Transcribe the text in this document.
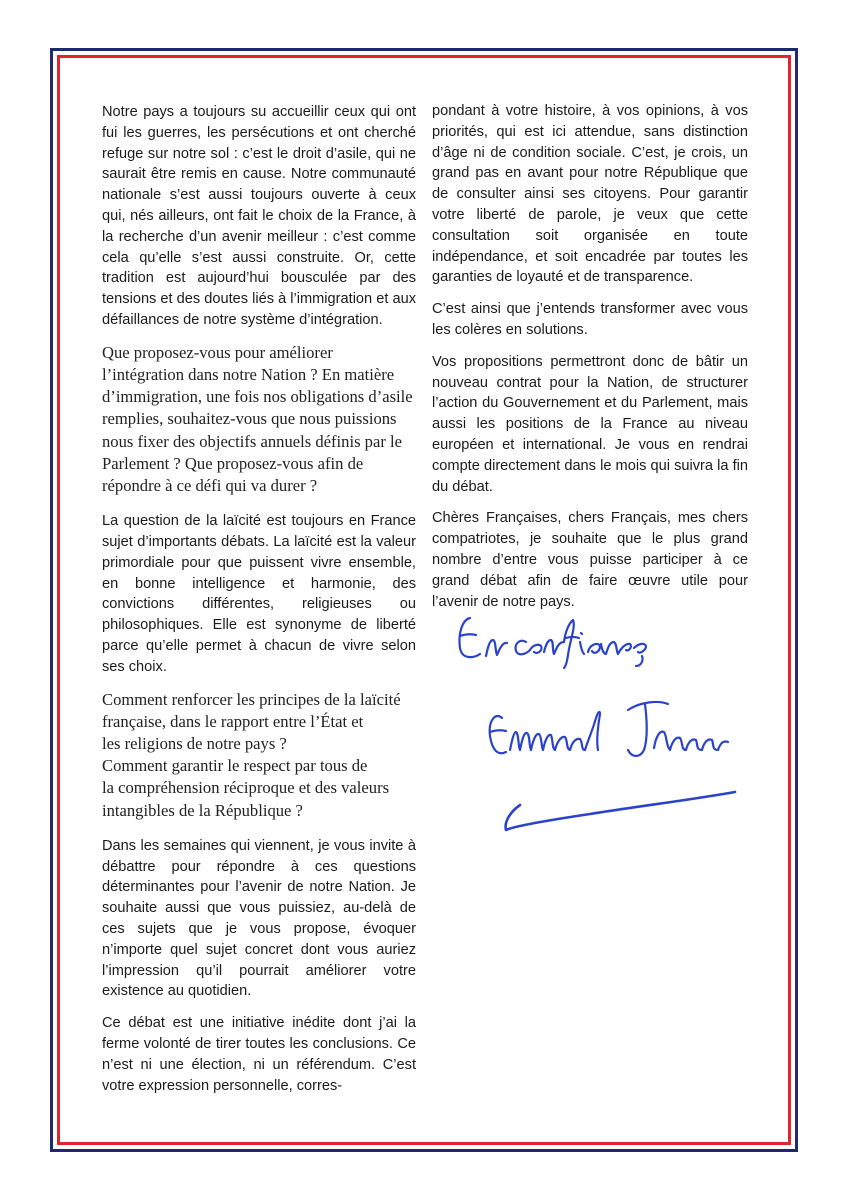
Notre pays a toujours su accueillir ceux qui ont fui les guerres, les persécutions et ont cherché refuge sur notre sol : c’est le droit d’asile, qui ne saurait être remis en cause. Notre communauté nationale s’est aussi toujours ouverte à ceux qui, nés ailleurs, ont fait le choix de la France, à la recherche d’un avenir meilleur : c’est comme cela qu’elle s’est aussi construite. Or, cette tradition est aujourd’hui bousculée par des tensions et des doutes liés à l’immigration et aux défaillances de notre système d’intégration.

Que proposez-vous pour améliorer l’intégration dans notre Nation ? En matière d’immigration, une fois nos obligations d’asile remplies, souhaitez-vous que nous puissions nous fixer des objectifs annuels définis par le Parlement ? Que proposez-vous afin de répondre à ce défi qui va durer ?

La question de la laïcité est toujours en France sujet d’importants débats. La laïcité est la valeur primordiale pour que puissent vivre ensemble, en bonne intelligence et harmonie, des convictions différentes, religieuses ou philosophiques. Elle est synonyme de liberté parce qu’elle permet à chacun de vivre selon ses choix.

Comment renforcer les principes de la laïcité
française, dans le rapport entre l’État et
les religions de notre pays ?
Comment garantir le respect par tous de
la compréhension réciproque et des valeurs
intangibles de la République ?

Dans les semaines qui viennent, je vous invite à débattre pour répondre à ces questions déterminantes pour l’avenir de notre Nation. Je souhaite aussi que vous puissiez, au-delà de ces sujets que je vous propose, évoquer n’importe quel sujet concret dont vous auriez l’impression qu’il pourrait améliorer votre existence au quotidien.

Ce débat est une initiative inédite dont j’ai la ferme volonté de tirer toutes les conclusions. Ce n’est ni une élection, ni un référendum. C’est votre expression personnelle, corres-

pondant à votre histoire, à vos opinions, à vos priorités, qui est ici attendue, sans distinction d’âge ni de condition sociale. C’est, je crois, un grand pas en avant pour notre République que de consulter ainsi ses citoyens. Pour garantir votre liberté de parole, je veux que cette consultation soit organisée en toute indépendance, et soit encadrée par toutes les garanties de loyauté et de transparence.

C’est ainsi que j’entends transformer avec vous les colères en solutions.

Vos propositions permettront donc de bâtir un nouveau contrat pour la Nation, de structurer l’action du Gouvernement et du Parlement, mais aussi les positions de la France au niveau européen et international. Je vous en rendrai compte directement dans le mois qui suivra la fin du débat.

Chères Françaises, chers Français, mes chers compatriotes, je souhaite que le plus grand nombre d’entre vous puisse participer à ce grand débat afin de faire œuvre utile pour l’avenir de notre pays.
